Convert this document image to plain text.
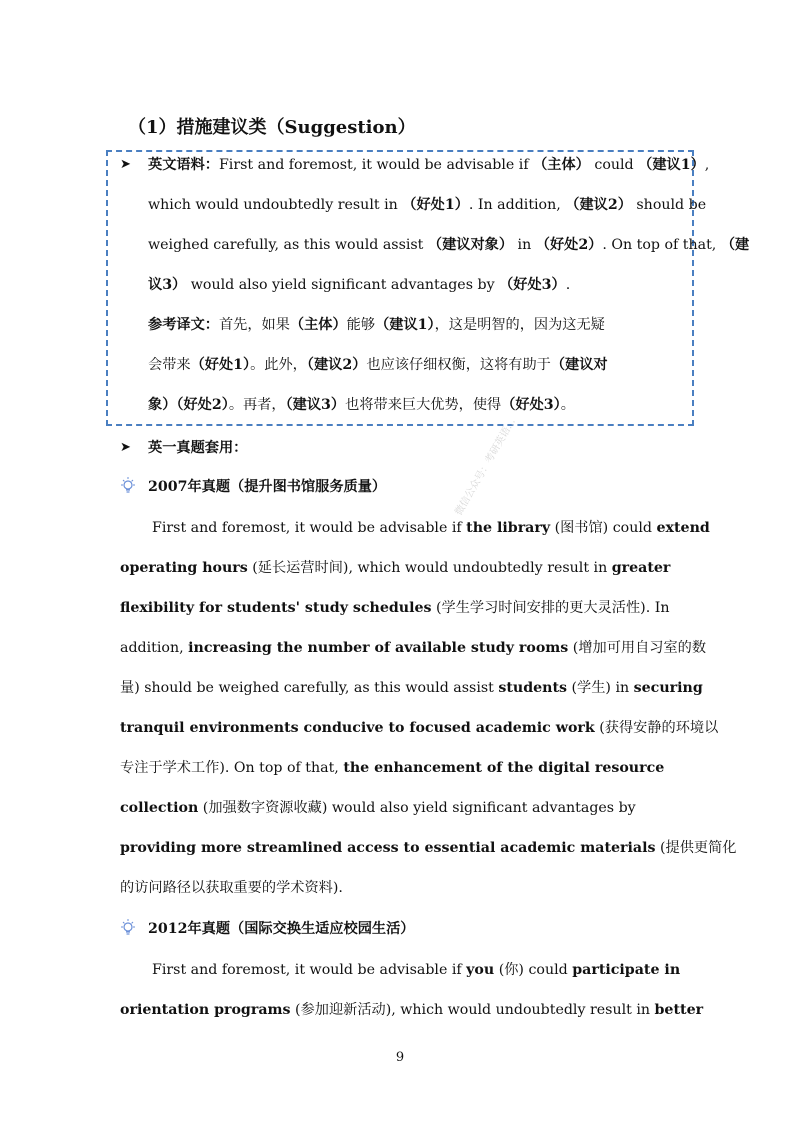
（1）措施建议类（Suggestion）
➤ 英文语料：First and foremost, it would be advisable if （主体） could （建议1）,
which would undoubtedly result in （好处1）. In addition, （建议2） should be
weighed carefully, as this would assist （建议对象） in （好处2）. On top of that, （建
议3） would also yield significant advantages by （好处3）.
参考译文：首先，如果（主体）能够（建议1），这是明智的，因为这无疑
会带来（好处1）。此外，（建议2）也应该仔细权衡，这将有助于（建议对
象）（好处2）。再者，（建议3）也将带来巨大优势，使得（好处3）。
➤ 英一真题套用：
2007年真题（提升图书馆服务质量）
First and foremost, it would be advisable if the library (图书馆) could extend
operating hours (延长运营时间), which would undoubtedly result in greater
flexibility for students' study schedules (学生学习时间安排的更大灵活性). In
addition, increasing the number of available study rooms (增加可用自习室的数
量) should be weighed carefully, as this would assist students (学生) in securing
tranquil environments conducive to focused academic work (获得安静的环境以
专注于学术工作). On top of that, the enhancement of the digital resource
collection (加强数字资源收藏) would also yield significant advantages by
providing more streamlined access to essential academic materials (提供更简化
的访问路径以获取重要的学术资料).
2012年真题（国际交换生适应校园生活）
First and foremost, it would be advisable if you (你) could participate in
orientation programs (参加迎新活动), which would undoubtedly result in better
微信公众号：考研英语…
9
